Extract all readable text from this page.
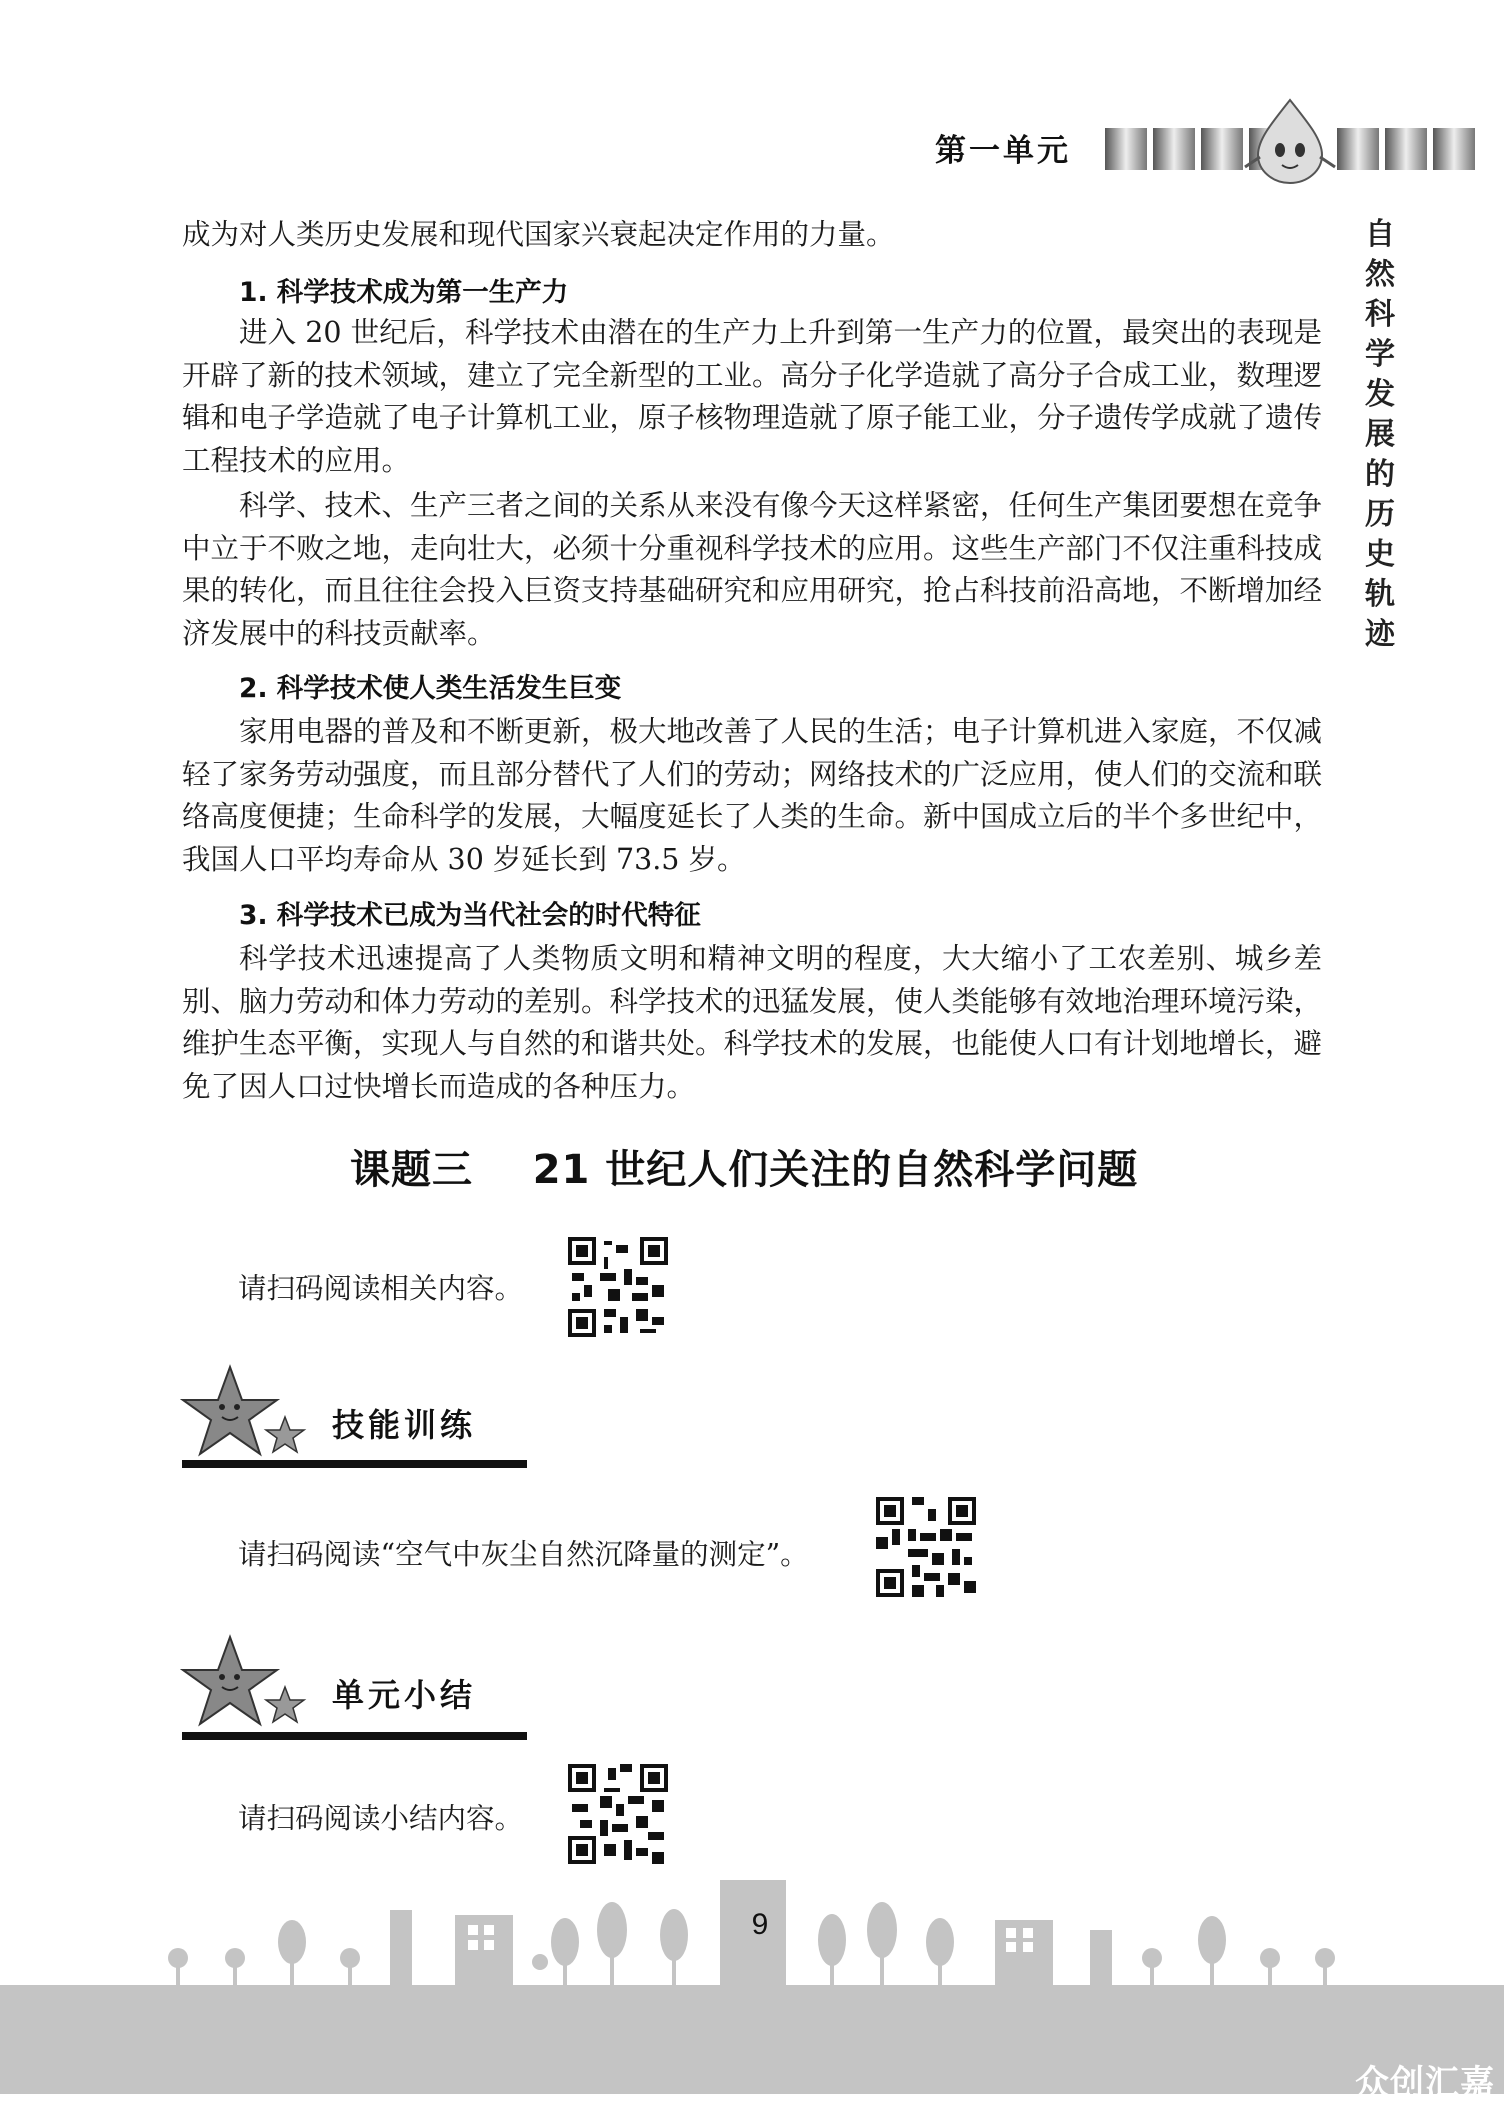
第一单元
自然科学发展的历史轨迹

成为对人类历史发展和现代国家兴衰起决定作用的力量。

1. 科学技术成为第一生产力

进入 20 世纪后，科学技术由潜在的生产力上升到第一生产力的位置，最突出的表现是开辟了新的技术领域，建立了完全新型的工业。高分子化学造就了高分子合成工业，数理逻辑和电子学造就了电子计算机工业，原子核物理造就了原子能工业，分子遗传学成就了遗传工程技术的应用。

科学、技术、生产三者之间的关系从来没有像今天这样紧密，任何生产集团要想在竞争中立于不败之地，走向壮大，必须十分重视科学技术的应用。这些生产部门不仅注重科技成果的转化，而且往往会投入巨资支持基础研究和应用研究，抢占科技前沿高地，不断增加经济发展中的科技贡献率。

2. 科学技术使人类生活发生巨变

家用电器的普及和不断更新，极大地改善了人民的生活；电子计算机进入家庭，不仅减轻了家务劳动强度，而且部分替代了人们的劳动；网络技术的广泛应用，使人们的交流和联络高度便捷；生命科学的发展，大幅度延长了人类的生命。新中国成立后的半个多世纪中，我国人口平均寿命从 30 岁延长到 73.5 岁。

3. 科学技术已成为当代社会的时代特征

科学技术迅速提高了人类物质文明和精神文明的程度，大大缩小了工农差别、城乡差别、脑力劳动和体力劳动的差别。科学技术的迅猛发展，使人类能够有效地治理环境污染，维护生态平衡，实现人与自然的和谐共处。科学技术的发展，也能使人口有计划地增长，避免了因人口过快增长而造成的各种压力。

课题三    21 世纪人们关注的自然科学问题
请扫码阅读相关内容。
技能训练
请扫码阅读“空气中灰尘自然沉降量的测定”。
单元小结
请扫码阅读小结内容。
9
众创汇嘉
